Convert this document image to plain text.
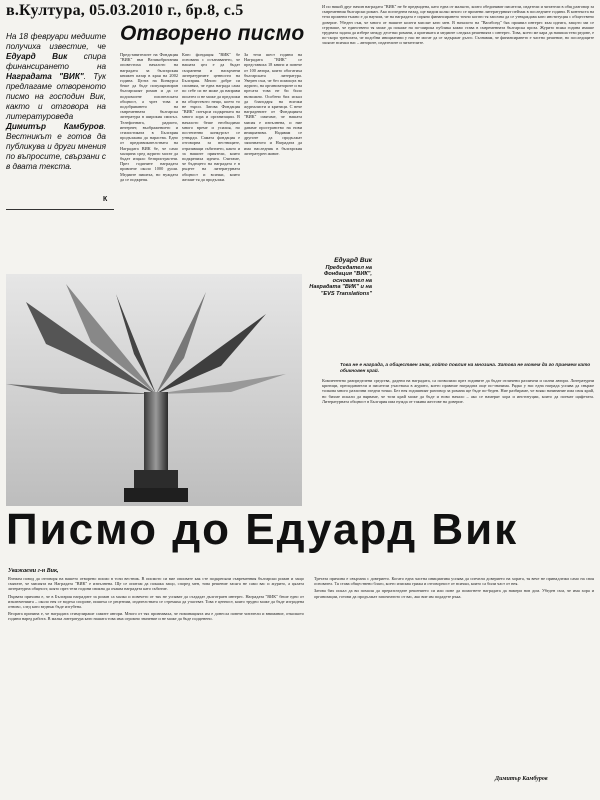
в.Култура, 05.03.2010 г., бр.8, с.5
На 18 февруари медиите получиха известие, че Едуард Вик спира финансирането на Наградата "ВИК". Тук предлагаме отвореното писмо на господин Вик, както и отговора на литературоведа Димитър Камбуров. Вестникът е готов да публикува и други мнения по въпросите, свързани с в двата текста.
К
Отворено писмо
Представителите на Фондация "ВИК" във Великобритания оповестиха началото на наградата за българския книжен пазар в края на 2002 година. Целта на Конкурса беше да бъде популяризиран българският роман и да се подпомогне писателската общност, а чрез това и подобряването на съвременната българска литература в широкия смисъл. Телефонната, радиото, интернет, въображението и стилистиката в България продължава да нараства. Едно от предизвикателствата на Наградата ВИК бе, че само малцина сред журито могат да бъдат изцяло безпристрастни. През годините наградата привлече около 1000 души. Медиите пишеха, но нуждата да се подкрепя.
Като фондация "ВИК" бе основана с осъзнаването, че нашата цел е да бъдат съхранени и насърчени литературните ценности на България. Много добре си спомням, че една награда сама по себе си не може да направи писател и не може да предложи на обществото нещо, което то не търси. Затова Фондация "ВИК" потърси подкрепата на много хора и организации. В началото беше необходимо много време и усилия, но постепенно конкурсът се утвърди. Самата фондация е отговорна за вестниците, отразяващи събитието, както и за нашите приятели, които подкрепиха идеята. Считаме, че бъдещето на наградата е в ръцете на литературната общност и всички, които желаят тя да продължи.
За тези шест години на Наградата "ВИК" се представиха 18 книги и повече от 100 автора, които обогатиха българската литература. Уверен съм, че без помощта на журито, на организаторите и на пресата това не би било възможно. Особено бих искал да благодаря на всички журналисти и критици. С вече наградените от Фондацията "ВИК" смятаме, че нашата мисия е изпълнена, и ние даваме пространство на нови инициативи. Надявам се другите да продължат започнатото и Наградата да има наследник в българския литературен живот.
Едуард Вик
Председател на Фондация "ВИК", основател на Наградата "ВИК" и на "EVS Translations"
И по никой друг начин наградата "ВИК" не бе предвидена, като една от малкото, които обединяват писатели, издатели и читатели в общ разговор за съвременния български роман. Ако погледнем назад, ще видим колко много се промени литературният пейзаж в последните години. В контекста на тези промени тъжно е да научим, че на наградата е спряно финансирането точно когато тя започна да се утвърждава като институция с обществено доверие. Убеден съм, че много от нашите колеги мислят като мен. В началото на "Вагабонд" бях проявил интерес към идеята, защото ми се струваше, че единствено тя може да покаже на по-широка публика какво става в съвременната българска проза. Журито всяка година имаше трудната задача да избере между десетки романи, а критиката и медиите следяха решенията с интерес. Това, което ме кара да напиша тези редове, е по-скоро тревогата, че подобни инициативи у нас не могат да се задържат дълго. Съзнавам, че финансирането е частно решение, но последиците засягат всички нас – авторите, издателите и читателите.
Това не е награда, а обществен знак, който повлия на мнозина. Затова не можем да го приемем като обикновен край.
Компетентно разпределени средства, дадени на наградата, са позволили през годините да бъдат отличени различни и силни автори. Литературни критици, преподаватели и писатели участваха в журито, което правеше наградата още по-значима. Рядко у нас една награда успява да свърже толкова много различни гледни точки. Без нея годишният разговор за романа ще бъде по-беден. Ние разбираме, че всяко начинание има своя край, но бихме искали да вярваме, че този край може да бъде и ново начало – ако се намерят хора и институции, които да поемат щафетата. Литературната общност в България има нужда от такива жестове на доверие.
Писмо до Едуард Вик
Уважаеми г-н Вик,

Вземам повод да отговоря на вашето отворено писмо в този вестник. В писмото си вие описвате как сте подкрепяли съвременния български роман и защо смятате, че мисията на Наградата "ВИК" е изпълнена. Ще се опитам да покажа защо, според мен, това решение засяга не само вас и журито, а цялата литературна общност, която през тези години свикна да очаква наградата като събитие.

Първата причина е, че в България наградите за роман са малко и повечето от тях не успяват да създадат дълготраен интерес. Наградата "ВИК" беше едно от изключенията – около нея се водеха спорове, пишеха се рецензии, издателствата се стремяха да участват. Това е ценност, която трудно може да бъде изградена отново, след като веднъж бъде изгубена.

Втората причина е, че наградата стимулираше самите автори. Много от тях признаваха, че номинацията им е донесла повече читатели и внимание, отколкото години наред работа. В малка литература като нашата това има огромно значение и не може да бъде подценено.

Третата причина е свързана с доверието. Когато една частна инициатива успява да спечели доверието на хората, тя вече не принадлежи само на своя основател. Тя става обществено благо, което изисква грижа и отговорност от всички, които са били част от нея.

Затова бих искал да ви помоля да преразгледате решението си или поне да помогнете наградата да намери нов дом. Убеден съм, че има хора и организации, готови да продължат започнатото от вас, ако вие им подадете ръка.

Димитър Камбуров
